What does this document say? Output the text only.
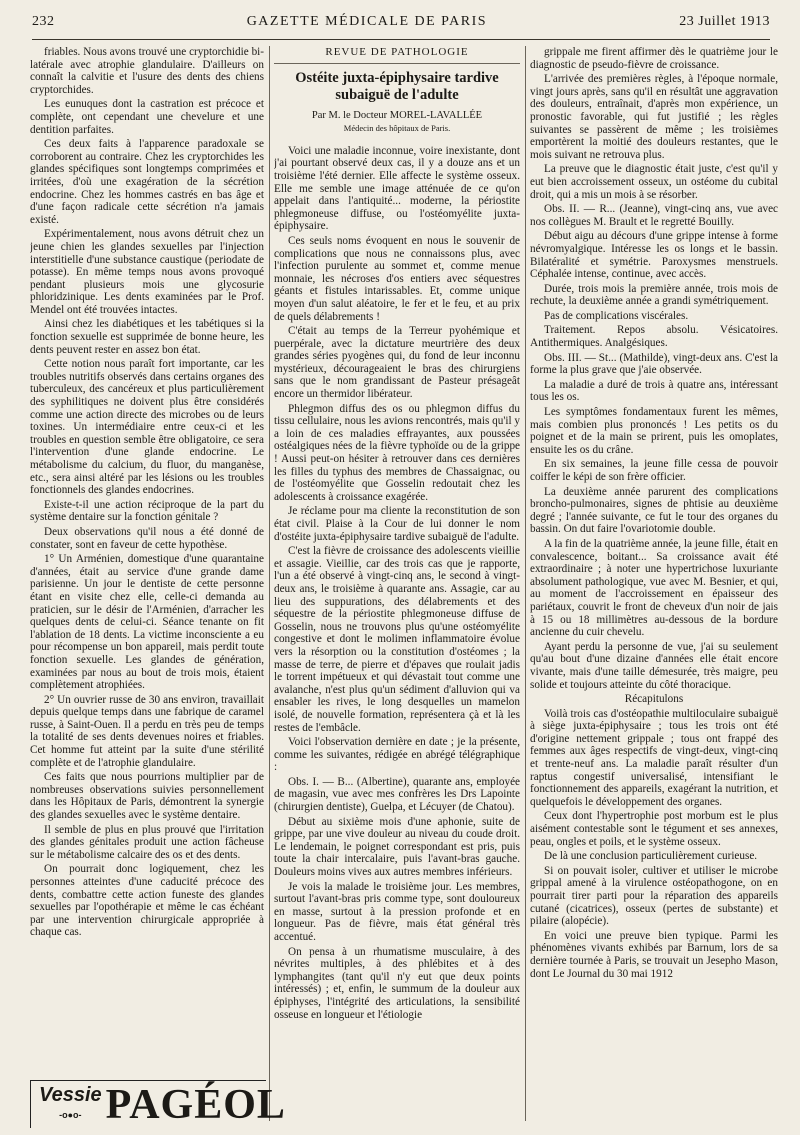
232	GAZETTE MÉDICALE DE PARIS	23 Juillet 1913

friables. Nous avons trouvé une cryptorchidie bi-latérale avec atrophie glandulaire. D'ailleurs on connaît la calvitie et l'usure des dents des chiens cryptorchides.

Les eunuques dont la castration est précoce et complète, ont cependant une chevelure et une dentition parfaites.

Ces deux faits à l'apparence paradoxale se corroborent au contraire. Chez les cryptorchides les glandes spécifiques sont longtemps comprimées et irritées, d'où une exagération de la sécrétion endocrine. Chez les hommes castrés en bas âge et d'une façon radicale cette sécrétion n'a jamais existé.

Expérimentalement, nous avons détruit chez un jeune chien les glandes sexuelles par l'injection interstitielle d'une substance caustique (periodate de potasse). En même temps nous avons provoqué pendant plusieurs mois une glycosurie phloridzinique. Les dents examinées par le Prof. Mendel ont été trouvées intactes.

Ainsi chez les diabétiques et les tabétiques si la fonction sexuelle est supprimée de bonne heure, les dents peuvent rester en assez bon état.

Cette notion nous paraît fort importante, car les troubles nutritifs observés dans certains organes des tuberculeux, des cancéreux et plus particulièrement des syphilitiques ne doivent plus être considérés comme une action directe des microbes ou de leurs toxines. Un intermédiaire entre ceux-ci et les troubles en question semble être obligatoire, ce sera l'intervention d'une glande endocrine. Le métabolisme du calcium, du fluor, du manganèse, etc., sera ainsi altéré par les lésions ou les troubles fonctionnels des glandes endocrines.

Existe-t-il une action réciproque de la part du système dentaire sur la fonction génitale ?

Deux observations qu'il nous a été donné de constater, sont en faveur de cette hypothèse.

1° Un Arménien, domestique d'une quarantaine d'années, était au service d'une grande dame parisienne. Un jour le dentiste de cette personne étant en visite chez elle, celle-ci demanda au praticien, sur le désir de l'Arménien, d'arracher les quelques dents de celui-ci. Séance tenante on fit l'ablation de 18 dents. La victime inconsciente a eu pour récompense un bon appareil, mais perdit toute fonction sexuelle. Les glandes de génération, examinées par nous au bout de trois mois, étaient complètement atrophiées.

2° Un ouvrier russe de 30 ans environ, travaillait depuis quelque temps dans une fabrique de caramel russe, à Saint-Ouen. Il a perdu en très peu de temps la totalité de ses dents devenues noires et friables. Cet homme fut atteint par la suite d'une stérilité complète et de l'atrophie glandulaire.

Ces faits que nous pourrions multiplier par de nombreuses observations suivies personnellement dans les Hôpitaux de Paris, démontrent la synergie des glandes sexuelles avec le système dentaire.

Il semble de plus en plus prouvé que l'irritation des glandes génitales produit une action fâcheuse sur le métabolisme calcaire des os et des dents.

On pourrait donc logiquement, chez les personnes atteintes d'une caducité précoce des dents, combattre cette action funeste des glandes sexuelles par l'opothérapie et même le cas échéant par une intervention chirurgicale appropriée à chaque cas.

REVUE DE PATHOLOGIE
Ostéite juxta-épiphysaire tardive subaiguë de l'adulte
Par M. le Docteur MOREL-LAVALLÉE
Médecin des hôpitaux de Paris.

Voici une maladie inconnue, voire inexistante, dont j'ai pourtant observé deux cas, il y a douze ans et un troisième l'été dernier. Elle affecte le système osseux. Elle me semble une image atténuée de ce qu'on appelait dans l'antiquité... moderne, la périostite phlegmoneuse diffuse, ou l'ostéomyélite juxta-épiphysaire.

Ces seuls noms évoquent en nous le souvenir de complications que nous ne connaissons plus, avec l'infection purulente au sommet et, comme menue monnaie, les nécroses d'os entiers avec séquestres géants et fistules intarissables. Et, comme unique moyen d'un salut aléatoire, le fer et le feu, et au prix de quels délabrements !

C'était au temps de la Terreur pyohémique et puerpérale, avec la dictature meurtrière des deux grandes séries pyogènes qui, du fond de leur inconnu mystérieux, décourageaient le bras des chirurgiens sans que le nom grandissant de Pasteur présageât encore un thermidor libérateur.

Phlegmon diffus des os ou phlegmon diffus du tissu cellulaire, nous les avions rencontrés, mais qu'il y a loin de ces maladies effrayantes, aux poussées ostéalgiques nées de la fièvre typhoïde ou de la grippe ! Aussi peut-on hésiter à retrouver dans ces dernières les filles du typhus des membres de Chassaignac, ou de l'ostéomyélite que Gosselin redoutait chez les adolescents à croissance exagérée.

Je réclame pour ma cliente la reconstitution de son état civil. Plaise à la Cour de lui donner le nom d'ostéite juxta-épiphysaire tardive subaiguë de l'adulte.

C'est la fièvre de croissance des adolescents vieillie et assagie. Vieillie, car des trois cas que je rapporte, l'un a été observé à vingt-cinq ans, le second à vingt-deux ans, le troisième à quarante ans. Assagie, car au lieu des suppurations, des délabrements et des séquestre de la périostite phlegmoneuse diffuse de Gosselin, nous ne trouvons plus qu'une ostéomyélite congestive et dont le molimen inflammatoire évolue vers la résorption ou la constitution d'ostéomes ; la masse de terre, de pierre et d'épaves que roulait jadis le torrent impétueux et qui dévastait tout comme une avalanche, n'est plus qu'un sédiment d'alluvion qui va ensabler les rives, le long desquelles un mamelon isolé, de nouvelle formation, représentera çà et là les restes de l'embâcle.

Voici l'observation dernière en date ; je la présente, comme les suivantes, rédigée en abrégé télégraphique :

Obs. I. — B... (Albertine), quarante ans, employée de magasin, vue avec mes confrères les Drs Lapointe (chirurgien dentiste), Guelpa, et Lécuyer (de Chatou).

Début au sixième mois d'une aphonie, suite de grippe, par une vive douleur au niveau du coude droit. Le lendemain, le poignet correspondant est pris, puis toute la chair intercalaire, puis l'avant-bras gauche. Douleurs moins vives aux autres membres inférieurs.

Je vois la malade le troisième jour. Les membres, surtout l'avant-bras pris comme type, sont douloureux en masse, surtout à la pression profonde et en longueur. Pas de fièvre, mais état général très accentué.

On pensa à un rhumatisme musculaire, à des névrites multiples, à des phlébites et à des lymphangites (tant qu'il n'y eut que deux points intéressés) ; et, enfin, le summum de la douleur aux épiphyses, l'intégrité des articulations, la sensibilité osseuse en longueur et l'étiologie

grippale me firent affirmer dès le quatrième jour le diagnostic de pseudo-fièvre de croissance.

L'arrivée des premières règles, à l'époque normale, vingt jours après, sans qu'il en résultât une aggravation des douleurs, entraînait, d'après mon expérience, un pronostic favorable, qui fut justifié ; les règles suivantes se passèrent de même ; les troisièmes emportèrent la moitié des douleurs restantes, que le mois suivant ne retrouva plus.

La preuve que le diagnostic était juste, c'est qu'il y eut bien accroissement osseux, un ostéome du cubital droit, qui a mis un mois à se résorber.

Obs. II. — R... (Jeanne), vingt-cinq ans, vue avec nos collègues M. Brault et le regretté Bouilly.

Début aigu au décours d'une grippe intense à forme névromyalgique. Intéresse les os longs et le bassin. Bilatéralité et symétrie. Paroxysmes menstruels. Céphalée intense, continue, avec accès.

Durée, trois mois la première année, trois mois de rechute, la deuxième année a grandi symétriquement.

Pas de complications viscérales.

Traitement. Repos absolu. Vésicatoires. Antithermiques. Analgésiques.

Obs. III. — St... (Mathilde), vingt-deux ans. C'est la forme la plus grave que j'aie observée.

La maladie a duré de trois à quatre ans, intéressant tous les os.

Les symptômes fondamentaux furent les mêmes, mais combien plus prononcés ! Les petits os du poignet et de la main se prirent, puis les omoplates, ensuite les os du crâne.

En six semaines, la jeune fille cessa de pouvoir coiffer le képi de son frère officier.

La deuxième année parurent des complications broncho-pulmonaires, signes de phtisie au deuxième degré ; l'année suivante, ce fut le tour des organes du bassin. On dut faire l'ovariotomie double.

A la fin de la quatrième année, la jeune fille, était en convalescence, boitant... Sa croissance avait été extraordinaire ; à noter une hypertrichose luxuriante absolument pathologique, vue avec M. Besnier, et qui, au moment de l'accroissement en épaisseur des pariétaux, couvrit le front de cheveux d'un noir de jais à 15 ou 18 millimètres au-dessous de la bordure ancienne du cuir chevelu.

Ayant perdu la personne de vue, j'ai su seulement qu'au bout d'une dizaine d'années elle était encore vivante, mais d'une taille démesurée, très maigre, peu solide et toujours atteinte du côté thoracique.

Récapitulons

Voilà trois cas d'ostéopathie multiloculaire subaiguë à siège juxta-épiphysaire ; tous les trois ont été d'origine nettement grippale ; tous ont frappé des femmes aux âges respectifs de vingt-deux, vingt-cinq et trente-neuf ans. La maladie paraît résulter d'un raptus congestif universalisé, intensifiant le fonctionnement des appareils, exagérant la nutrition, et quelquefois le développement des organes.

Ceux dont l'hypertrophie post morbum est le plus aisément contestable sont le tégument et ses annexes, peau, ongles et poils, et le système osseux.

De là une conclusion particulièrement curieuse.

Si on pouvait isoler, cultiver et utiliser le microbe grippal amené à la virulence ostéopathogone, on en pourrait tirer parti pour la réparation des appareils cutané (cicatrices), osseux (pertes de substante) et pilaire (alopécie).

En voici une preuve bien typique. Parmi les phénomènes vivants exhibés par Barnum, lors de sa dernière tournée à Paris, se trouvait un Jesepho Mason, dont Le Journal du 30 mai 1912

Vessie
-o●o- PAGÉOL
